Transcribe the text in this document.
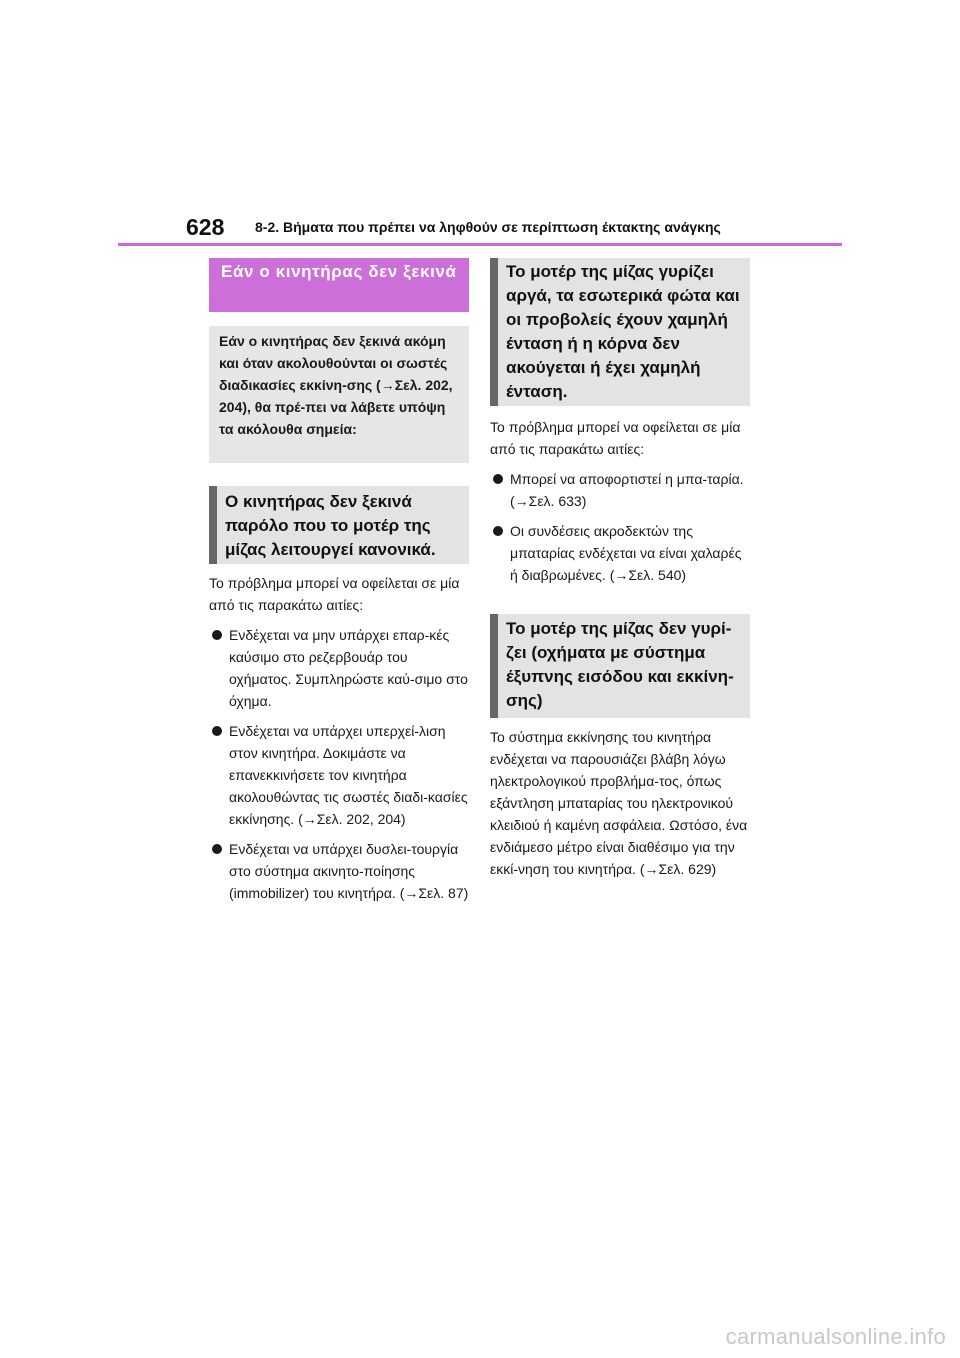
628 8-2. Βήματα που πρέπει να ληφθούν σε περίπτωση έκτακτης ανάγκης
Εάν ο κινητήρας δεν ξεκινά
Εάν ο κινητήρας δεν ξεκινά ακόμη και όταν ακολουθούνται οι σωστές διαδικασίες εκκίνη-σης (→Σελ. 202, 204), θα πρέ-πει να λάβετε υπόψη τα ακόλουθα σημεία:
Ο κινητήρας δεν ξεκινά παρόλο που το μοτέρ της μίζας λειτουργεί κανονικά.
Το πρόβλημα μπορεί να οφείλεται σε μία από τις παρακάτω αιτίες:
Ενδέχεται να μην υπάρχει επαρ-κές καύσιμο στο ρεζερβουάρ του οχήματος. Συμπληρώστε καύ-σιμο στο όχημα.
Ενδέχεται να υπάρχει υπερχεί-λιση στον κινητήρα. Δοκιμάστε να επανεκκινήσετε τον κινητήρα ακολουθώντας τις σωστές διαδι-κασίες εκκίνησης. (→Σελ. 202, 204)
Ενδέχεται να υπάρχει δυσλει-τουργία στο σύστημα ακινητο-ποίησης (immobilizer) του κινητήρα. (→Σελ. 87)
Το μοτέρ της μίζας γυρίζει αργά, τα εσωτερικά φώτα και οι προβολείς έχουν χαμηλή ένταση ή η κόρνα δεν ακούγεται ή έχει χαμηλή ένταση.
Το πρόβλημα μπορεί να οφείλεται σε μία από τις παρακάτω αιτίες:
Μπορεί να αποφορτιστεί η μπα-ταρία. (→Σελ. 633)
Οι συνδέσεις ακροδεκτών της μπαταρίας ενδέχεται να είναι χαλαρές ή διαβρωμένες. (→Σελ. 540)
Το μοτέρ της μίζας δεν γυρί-ζει (οχήματα με σύστημα έξυπνης εισόδου και εκκίνη-σης)
Το σύστημα εκκίνησης του κινητήρα ενδέχεται να παρουσιάζει βλάβη λόγω ηλεκτρολογικού προβλήμα-τος, όπως εξάντληση μπαταρίας του ηλεκτρονικού κλειδιού ή καμένη ασφάλεια. Ωστόσο, ένα ενδιάμεσο μέτρο είναι διαθέσιμο για την εκκί-νηση του κινητήρα. (→Σελ. 629)
carmanualsonline.info
